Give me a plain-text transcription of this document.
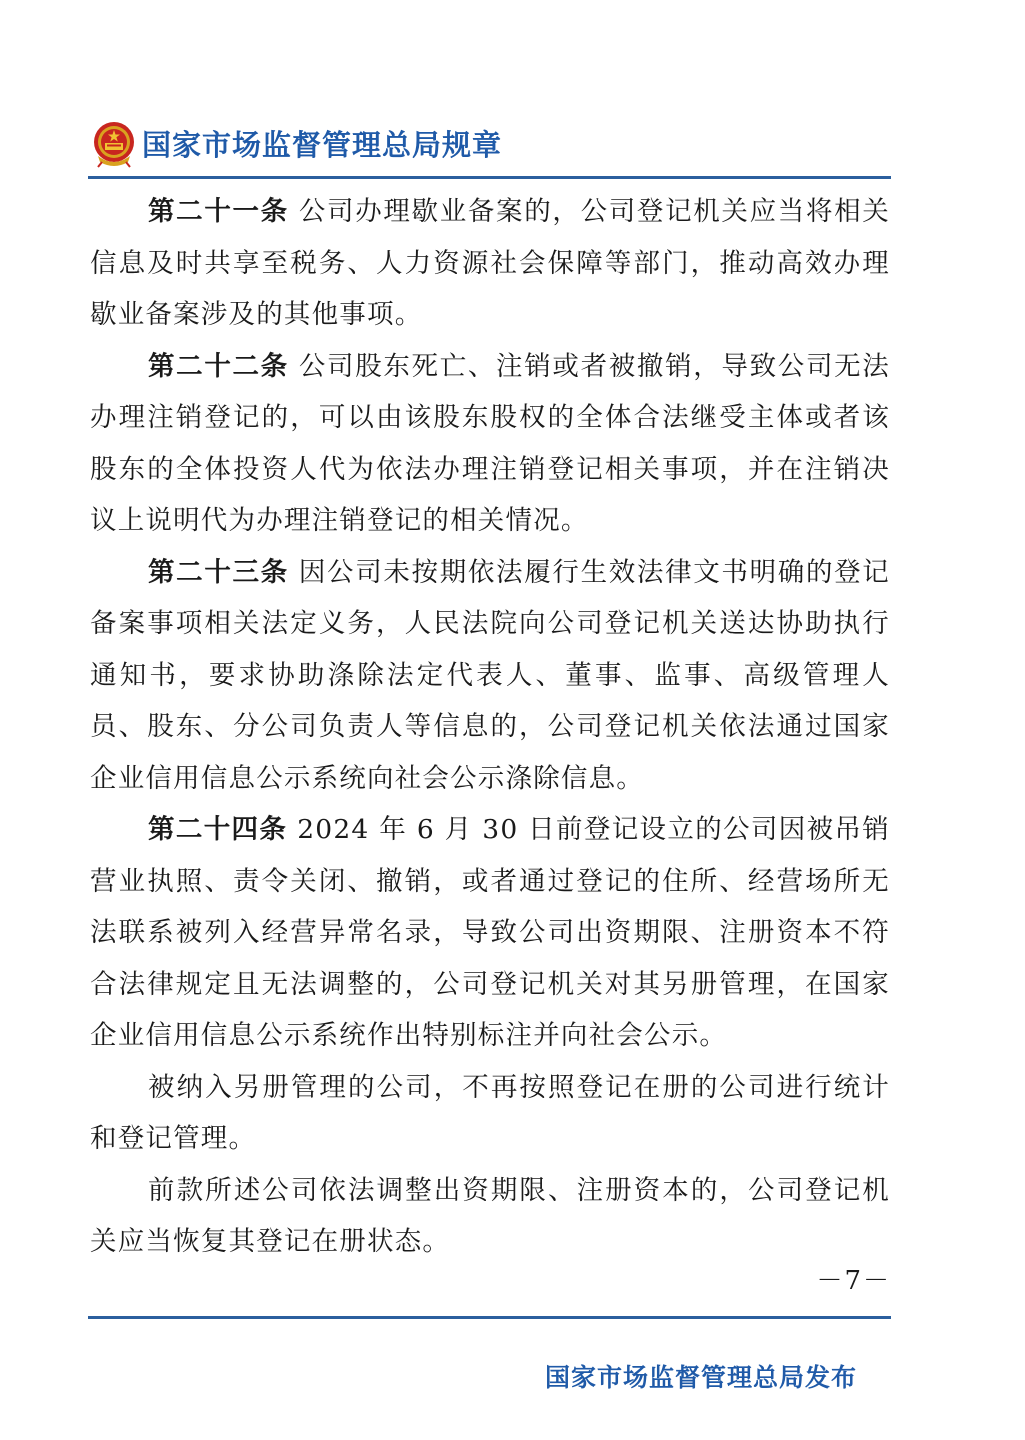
国家市场监督管理总局规章

第二十一条 公司办理歇业备案的，公司登记机关应当将相关信息及时共享至税务、人力资源社会保障等部门，推动高效办理歇业备案涉及的其他事项。

第二十二条 公司股东死亡、注销或者被撤销，导致公司无法办理注销登记的，可以由该股东股权的全体合法继受主体或者该股东的全体投资人代为依法办理注销登记相关事项，并在注销决议上说明代为办理注销登记的相关情况。

第二十三条 因公司未按期依法履行生效法律文书明确的登记备案事项相关法定义务，人民法院向公司登记机关送达协助执行通知书，要求协助涤除法定代表人、董事、监事、高级管理人员、股东、分公司负责人等信息的，公司登记机关依法通过国家企业信用信息公示系统向社会公示涤除信息。

第二十四条 2024 年 6 月 30 日前登记设立的公司因被吊销营业执照、责令关闭、撤销，或者通过登记的住所、经营场所无法联系被列入经营异常名录，导致公司出资期限、注册资本不符合法律规定且无法调整的，公司登记机关对其另册管理，在国家企业信用信息公示系统作出特别标注并向社会公示。

被纳入另册管理的公司，不再按照登记在册的公司进行统计和登记管理。

前款所述公司依法调整出资期限、注册资本的，公司登记机关应当恢复其登记在册状态。

－7－
国家市场监督管理总局发布
